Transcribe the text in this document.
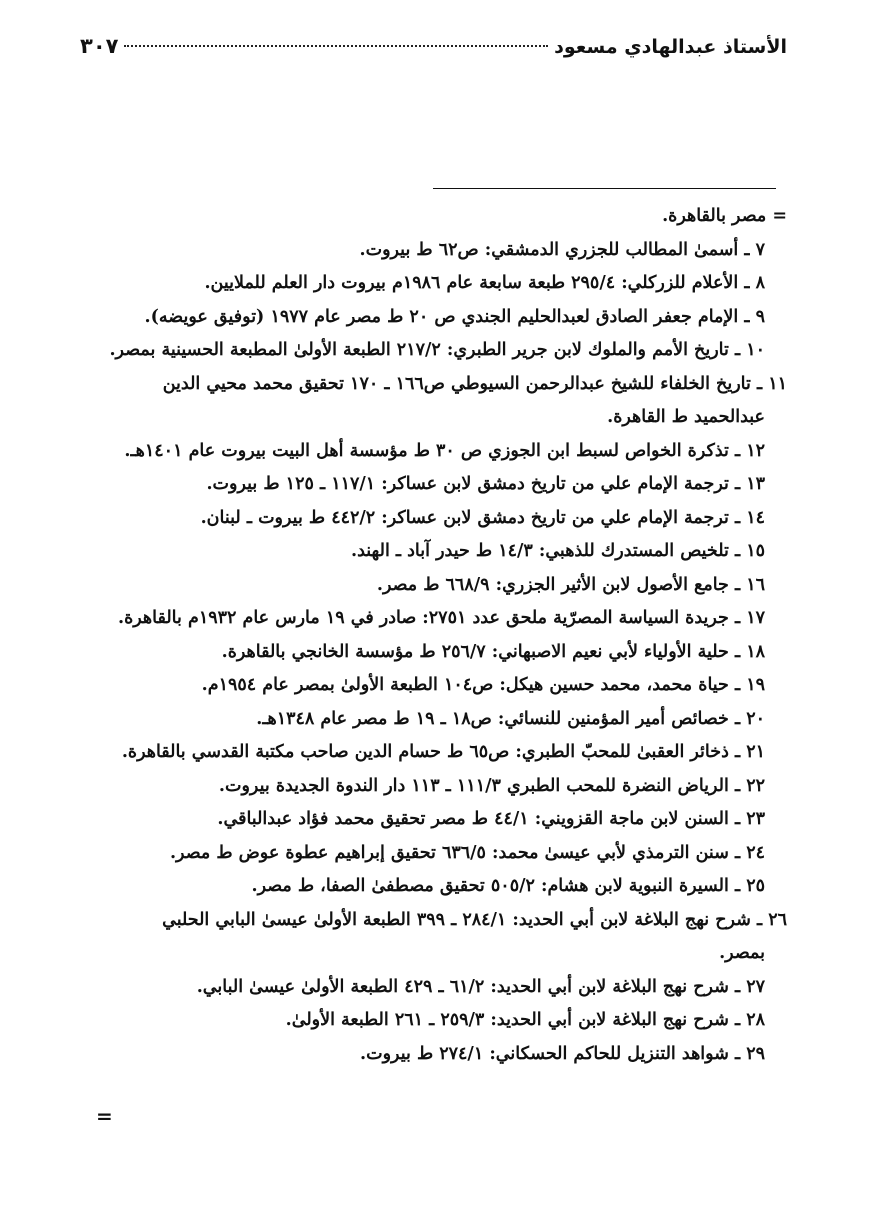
الأستاذ عبدالهادي مسعود
٣٠٧
= مصر بالقاهرة.
٧ ـ أسمىٰ المطالب للجزري الدمشقي: ص٦٢ ط بيروت.
٨ ـ الأعلام للزركلي: ٢٩٥/٤ طبعة سابعة عام ١٩٨٦م بيروت دار العلم للملايين.
٩ ـ الإمام جعفر الصادق لعبدالحليم الجندي ص ٢٠ ط مصر عام ١٩٧٧ (توفيق عويضه).
١٠ ـ تاريخ الأمم والملوك لابن جرير الطبري: ٢١٧/٢ الطبعة الأولىٰ المطبعة الحسينية بمصر.
١١ ـ تاريخ الخلفاء للشيخ عبدالرحمن السيوطي ص١٦٦ ـ ١٧٠ تحقيق محمد محيي الدين
عبدالحميد ط القاهرة.
١٢ ـ تذكرة الخواص لسبط ابن الجوزي ص ٣٠ ط مؤسسة أهل البيت بيروت عام ١٤٠١هـ.
١٣ ـ ترجمة الإمام علي من تاريخ دمشق لابن عساكر: ١١٧/١ ـ ١٢٥ ط بيروت.
١٤ ـ ترجمة الإمام علي من تاريخ دمشق لابن عساكر: ٤٤٢/٢ ط بيروت ـ لبنان.
١٥ ـ تلخيص المستدرك للذهبي: ١٤/٣ ط حيدر آباد ـ الهند.
١٦ ـ جامع الأصول لابن الأثير الجزري: ٦٦٨/٩ ط مصر.
١٧ ـ جريدة السياسة المصرّية ملحق عدد ٢٧٥١: صادر في ١٩ مارس عام ١٩٣٢م بالقاهرة.
١٨ ـ حلية الأولياء لأبي نعيم الاصبهاني: ٢٥٦/٧ ط مؤسسة الخانجي بالقاهرة.
١٩ ـ حياة محمد، محمد حسين هيكل: ص١٠٤ الطبعة الأولىٰ بمصر عام ١٩٥٤م.
٢٠ ـ خصائص أمير المؤمنين للنسائي: ص١٨ ـ ١٩ ط مصر عام ١٣٤٨هـ.
٢١ ـ ذخائر العقبىٰ للمحبّ الطبري: ص٦٥ ط حسام الدين صاحب مكتبة القدسي بالقاهرة.
٢٢ ـ الرياض النضرة للمحب الطبري ١١١/٣ ـ ١١٣ دار الندوة الجديدة بيروت.
٢٣ ـ السنن لابن ماجة القزويني: ٤٤/١ ط مصر تحقيق محمد فؤاد عبدالباقي.
٢٤ ـ سنن الترمذي لأبي عيسىٰ محمد: ٦٣٦/٥ تحقيق إبراهيم عطوة عوض ط مصر.
٢٥ ـ السيرة النبوية لابن هشام: ٥٠٥/٢ تحقيق مصطفىٰ الصفا، ط مصر.
٢٦ ـ شرح نهج البلاغة لابن أبي الحديد: ٢٨٤/١ ـ ٣٩٩ الطبعة الأولىٰ عيسىٰ البابي الحلبي
بمصر.
٢٧ ـ شرح نهج البلاغة لابن أبي الحديد: ٦١/٢ ـ ٤٢٩ الطبعة الأولىٰ عيسىٰ البابي.
٢٨ ـ شرح نهج البلاغة لابن أبي الحديد: ٢٥٩/٣ ـ ٢٦١ الطبعة الأولىٰ.
٢٩ ـ شواهد التنزيل للحاكم الحسكاني: ٢٧٤/١ ط بيروت.
=
